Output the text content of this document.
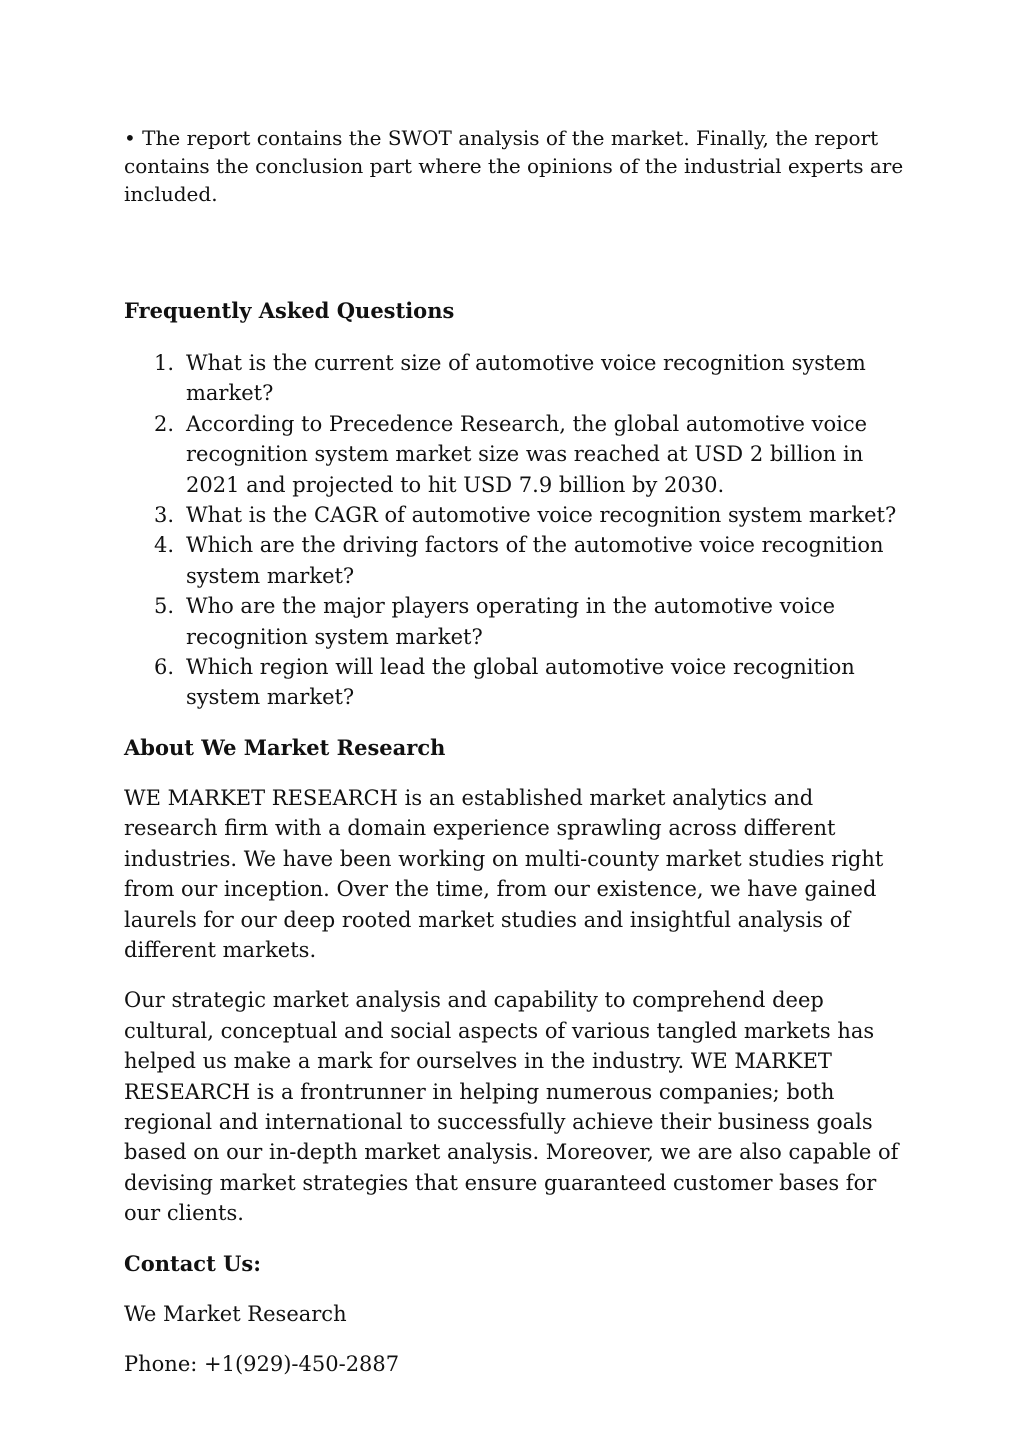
• The report contains the SWOT analysis of the market. Finally, the report contains the conclusion part where the opinions of the industrial experts are included.

Frequently Asked Questions

1. What is the current size of automotive voice recognition system market?
2. According to Precedence Research, the global automotive voice recognition system market size was reached at USD 2 billion in 2021 and projected to hit USD 7.9 billion by 2030.
3. What is the CAGR of automotive voice recognition system market?
4. Which are the driving factors of the automotive voice recognition system market?
5. Who are the major players operating in the automotive voice recognition system market?
6. Which region will lead the global automotive voice recognition system market?

About We Market Research

WE MARKET RESEARCH is an established market analytics and research firm with a domain experience sprawling across different industries. We have been working on multi-county market studies right from our inception. Over the time, from our existence, we have gained laurels for our deep rooted market studies and insightful analysis of different markets.

Our strategic market analysis and capability to comprehend deep cultural, conceptual and social aspects of various tangled markets has helped us make a mark for ourselves in the industry. WE MARKET RESEARCH is a frontrunner in helping numerous companies; both regional and international to successfully achieve their business goals based on our in-depth market analysis. Moreover, we are also capable of devising market strategies that ensure guaranteed customer bases for our clients.

Contact Us:

We Market Research

Phone: +1(929)-450-2887
